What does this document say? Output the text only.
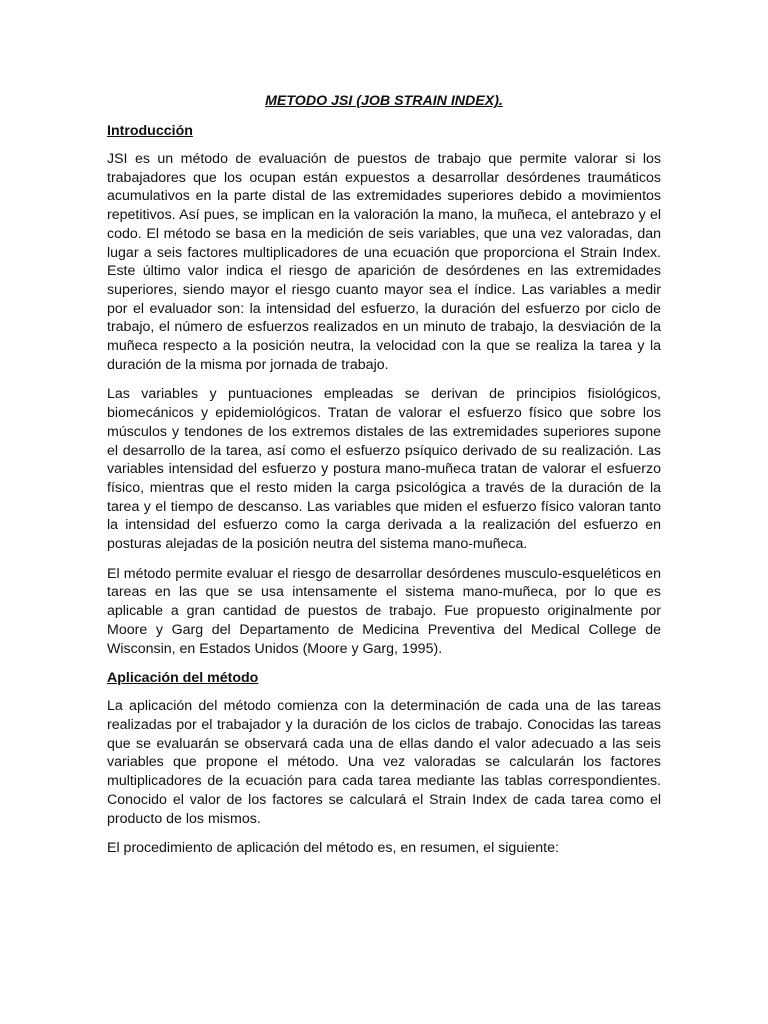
METODO JSI (JOB STRAIN INDEX).
Introducción

JSI es un método de evaluación de puestos de trabajo que permite valorar si los trabajadores que los ocupan están expuestos a desarrollar desórdenes traumáticos acumulativos en la parte distal de las extremidades superiores debido a movimientos repetitivos. Así pues, se implican en la valoración la mano, la muñeca, el antebrazo y el codo. El método se basa en la medición de seis variables, que una vez valoradas, dan lugar a seis factores multiplicadores de una ecuación que proporciona el Strain Index. Este último valor indica el riesgo de aparición de desórdenes en las extremidades superiores, siendo mayor el riesgo cuanto mayor sea el índice. Las variables a medir por el evaluador son: la intensidad del esfuerzo, la duración del esfuerzo por ciclo de trabajo, el número de esfuerzos realizados en un minuto de trabajo, la desviación de la muñeca respecto a la posición neutra, la velocidad con la que se realiza la tarea y la duración de la misma por jornada de trabajo.

Las variables y puntuaciones empleadas se derivan de principios fisiológicos, biomecánicos y epidemiológicos. Tratan de valorar el esfuerzo físico que sobre los músculos y tendones de los extremos distales de las extremidades superiores supone el desarrollo de la tarea, así como el esfuerzo psíquico derivado de su realización. Las variables intensidad del esfuerzo y postura mano-muñeca tratan de valorar el esfuerzo físico, mientras que el resto miden la carga psicológica a través de la duración de la tarea y el tiempo de descanso. Las variables que miden el esfuerzo físico valoran tanto la intensidad del esfuerzo como la carga derivada a la realización del esfuerzo en posturas alejadas de la posición neutra del sistema mano-muñeca.

El método permite evaluar el riesgo de desarrollar desórdenes musculo-esqueléticos en tareas en las que se usa intensamente el sistema mano-muñeca, por lo que es aplicable a gran cantidad de puestos de trabajo. Fue propuesto originalmente por Moore y Garg del Departamento de Medicina Preventiva del Medical College de Wisconsin, en Estados Unidos (Moore y Garg, 1995).

Aplicación del método

La aplicación del método comienza con la determinación de cada una de las tareas realizadas por el trabajador y la duración de los ciclos de trabajo. Conocidas las tareas que se evaluarán se observará cada una de ellas dando el valor adecuado a las seis variables que propone el método. Una vez valoradas se calcularán los factores multiplicadores de la ecuación para cada tarea mediante las tablas correspondientes. Conocido el valor de los factores se calculará el Strain Index de cada tarea como el producto de los mismos.

El procedimiento de aplicación del método es, en resumen, el siguiente:
